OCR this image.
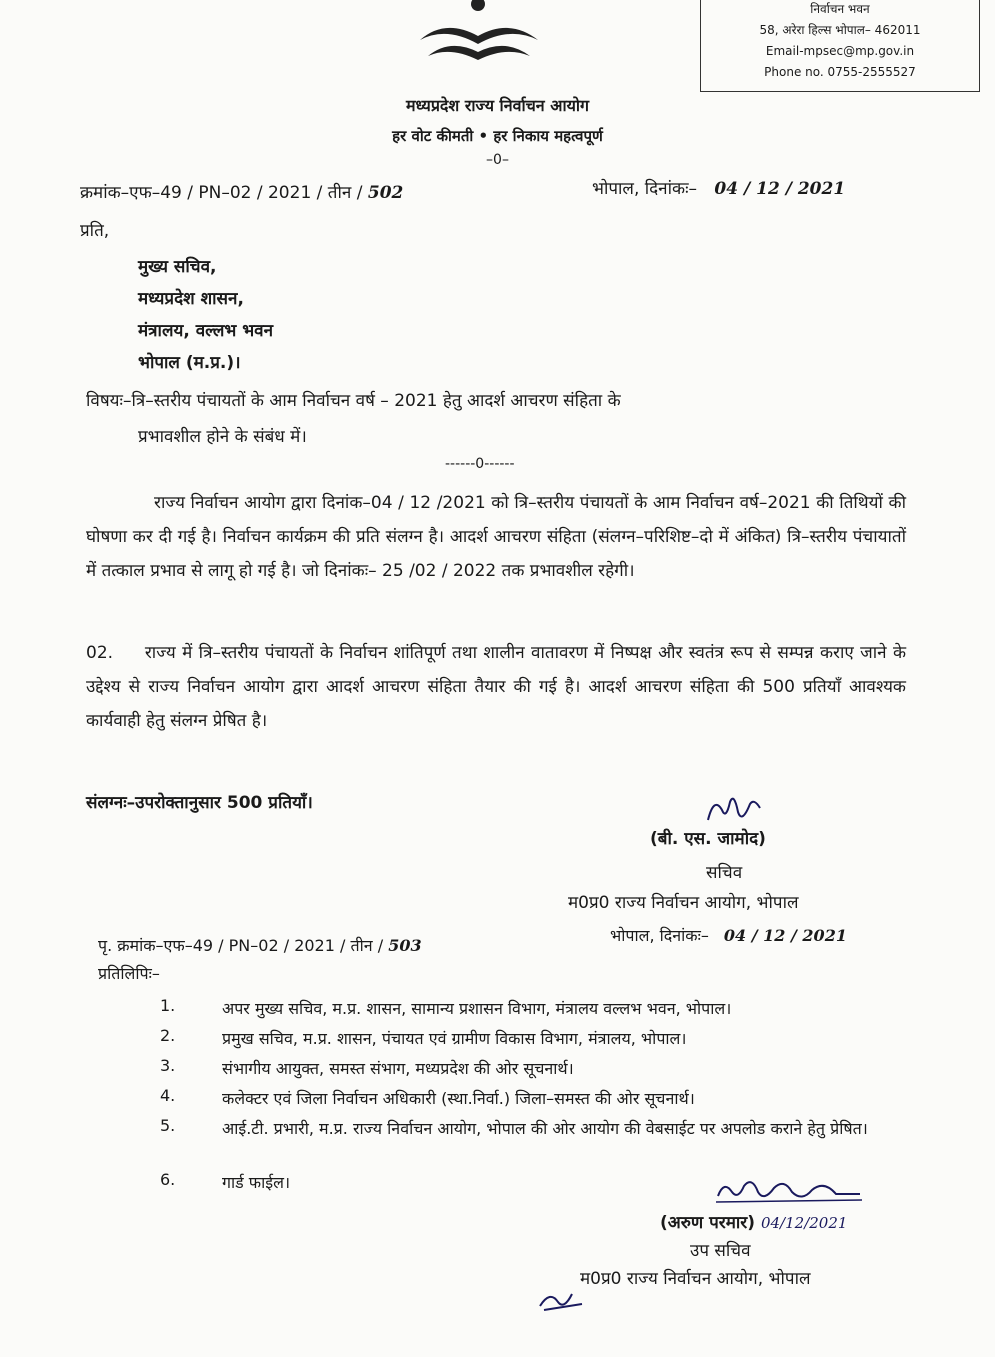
निर्वाचन भवन
58, अरेरा हिल्स भोपाल– 462011
Email-mpsec@mp.gov.in
Phone no. 0755-2555527
मध्यप्रदेश राज्य निर्वाचन आयोग
हर वोट कीमती • हर निकाय महत्वपूर्ण
–0–
क्रमांक–एफ–49 / PN–02 / 2021 / तीन / 502	भोपाल, दिनांकः– 04 / 12 / 2021
प्रति,
मुख्य सचिव,
मध्यप्रदेश शासन,
मंत्रालय, वल्लभ भवन
भोपाल (म.प्र.)।
विषयः–त्रि–स्तरीय पंचायतों के आम निर्वाचन वर्ष – 2021 हेतु आदर्श आचरण संहिता के
प्रभावशील होने के संबंध में।
------0------

राज्य निर्वाचन आयोग द्वारा दिनांक–04 / 12 /2021 को त्रि–स्तरीय पंचायतों के आम निर्वाचन वर्ष–2021 की तिथियों की घोषणा कर दी गई है। निर्वाचन कार्यक्रम की प्रति संलग्न है। आदर्श आचरण संहिता (संलग्न–परिशिष्ट–दो में अंकित) त्रि–स्तरीय पंचायातों में तत्काल प्रभाव से लागू हो गई है। जो दिनांकः– 25 /02 / 2022 तक प्रभावशील रहेगी।

02. राज्य में त्रि–स्तरीय पंचायतों के निर्वाचन शांतिपूर्ण तथा शालीन वातावरण में निष्पक्ष और स्वतंत्र रूप से सम्पन्न कराए जाने के उद्देश्य से राज्य निर्वाचन आयोग द्वारा आदर्श आचरण संहिता तैयार की गई है। आदर्श आचरण संहिता की 500 प्रतियाँ आवश्यक कार्यवाही हेतु संलग्न प्रेषित है।

संलग्नः–उपरोक्तानुसार 500 प्रतियाँ।
(बी. एस. जामोद)
सचिव
म0प्र0 राज्य निर्वाचन आयोग, भोपाल
पृ. क्रमांक–एफ–49 / PN–02 / 2021 / तीन / 503
भोपाल, दिनांकः– 04 / 12 / 2021
प्रतिलिपिः–
1.	अपर मुख्य सचिव, म.प्र. शासन, सामान्य प्रशासन विभाग, मंत्रालय वल्लभ भवन, भोपाल।
2.	प्रमुख सचिव, म.प्र. शासन, पंचायत एवं ग्रामीण विकास विभाग, मंत्रालय, भोपाल।
3.	संभागीय आयुक्त, समस्त संभाग, मध्यप्रदेश की ओर सूचनार्थ।
4.	कलेक्टर एवं जिला निर्वाचन अधिकारी (स्था.निर्वा.) जिला–समस्त की ओर सूचनार्थ।
5.	आई.टी. प्रभारी, म.प्र. राज्य निर्वाचन आयोग, भोपाल की ओर आयोग की वेबसाईट पर अपलोड कराने हेतु प्रेषित।
6.	गार्ड फाईल।
(अरुण परमार) 04/12/2021
उप सचिव
म0प्र0 राज्य निर्वाचन आयोग, भोपाल
